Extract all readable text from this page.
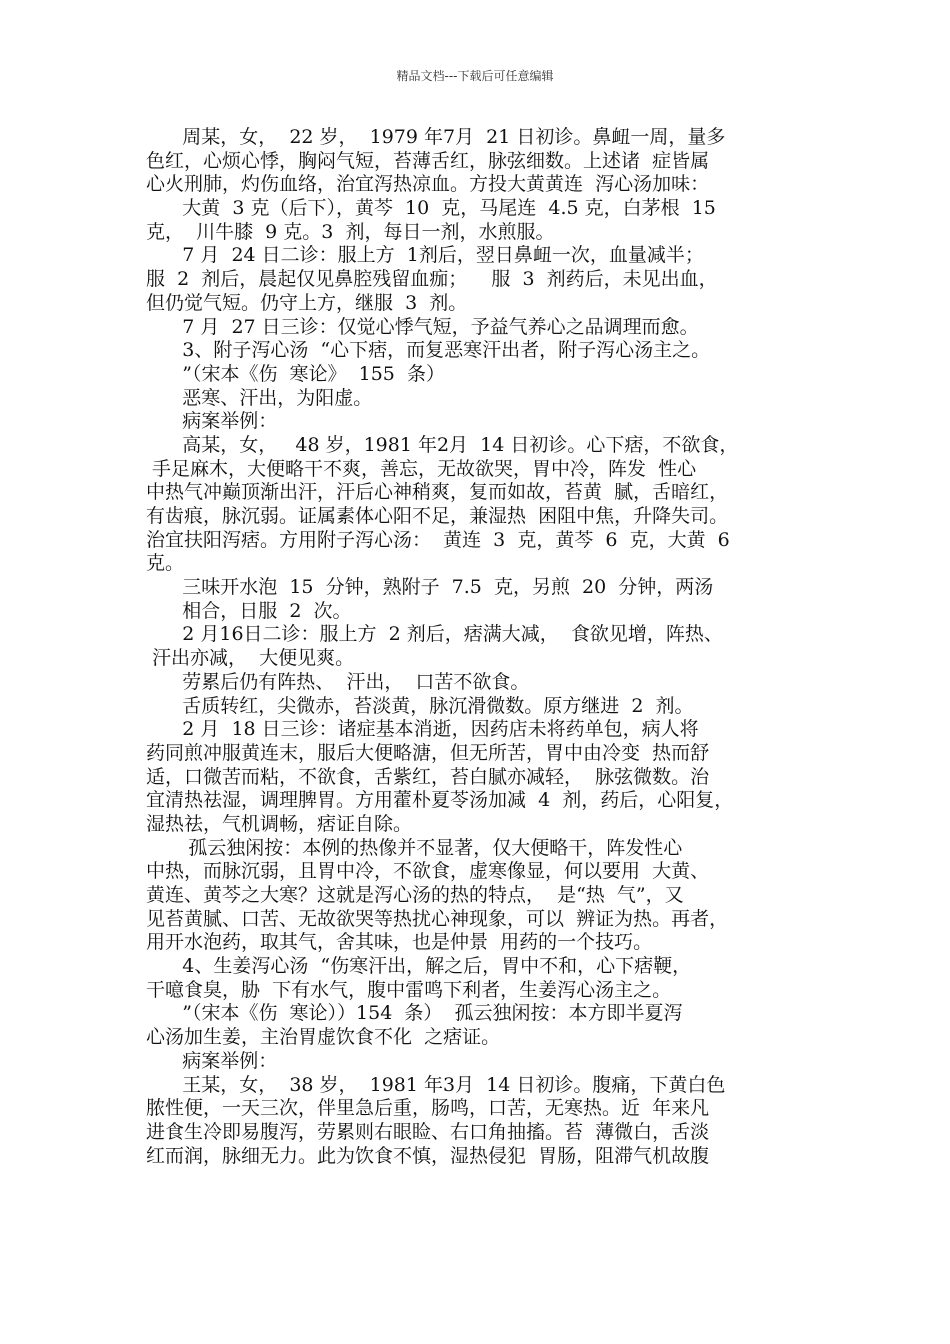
精品文档---下载后可任意编辑
周某，女，  22 岁，  1979 年7月  21 日初诊。鼻衄一周，量多
色红，心烦心悸，胸闷气短，苔薄舌红，脉弦细数。上述诸  症皆属
心火刑肺，灼伤血络，治宜泻热凉血。方投大黄黄连  泻心汤加味：
大黄  3 克（后下），黄芩  10  克，马尾连  4.5 克，白茅根  15
克，  川牛膝  9 克。3  剂，每日一剂，水煎服。
7 月  24 日二诊：服上方  1剂后，翌日鼻衄一次，血量减半；
服  2  剂后，晨起仅见鼻腔残留血痂；    服  3  剂药后，未见出血，
但仍觉气短。仍守上方，继服  3  剂。
7 月  27 日三诊：仅觉心悸气短，予益气养心之品调理而愈。
3、附子泻心汤  “心下痞，而复恶寒汗出者，附子泻心汤主之。
”（宋本《伤  寒论》  155  条）
恶寒、汗出，为阳虚。
病案举例：
高某，女，   48 岁，1981 年2月  14 日初诊。心下痞，不欲食，
手足麻木，大便略干不爽，善忘，无故欲哭，胃中冷，阵发  性心
中热气冲巅顶渐出汗，汗后心神稍爽，复而如故，苔黄  腻，舌暗红，
有齿痕，脉沉弱。证属素体心阳不足，兼湿热  困阻中焦，升降失司。
治宜扶阳泻痞。方用附子泻心汤：  黄连  3  克，黄芩  6  克，大黄  6
克。
三味开水泡  15  分钟，熟附子  7.5  克，另煎  20  分钟，两汤
相合，日服  2  次。
2 月16日二诊：服上方  2 剂后，痞满大减，  食欲见增，阵热、
汗出亦减，  大便见爽。
劳累后仍有阵热、  汗出，  口苦不欲食。
舌质转红，尖微赤，苔淡黄，脉沉滑微数。原方继进  2  剂。
2 月  18 日三诊：诸症基本消逝，因药店未将药单包，病人将
药同煎冲服黄连末，服后大便略溏，但无所苦，胃中由冷变  热而舒
适，口微苦而粘，不欲食，舌紫红，苔白腻亦减轻，  脉弦微数。治
宜清热祛湿，调理脾胃。方用藿朴夏苓汤加减  4  剂，药后，心阳复，
湿热祛，气机调畅，痞证自除。
孤云独闲按：本例的热像并不显著，仅大便略干，阵发性心
中热，而脉沉弱，且胃中冷，不欲食，虚寒像显，何以要用  大黄、
黄连、黄芩之大寒？这就是泻心汤的热的特点，  是“热  气”，又
见苔黄腻、口苦、无故欲哭等热扰心神现象，可以  辨证为热。再者，
用开水泡药，取其气，舍其味，也是仲景  用药的一个技巧。
4、生姜泻心汤  “伤寒汗出，解之后，胃中不和，心下痞鞕，
干噫食臭，胁  下有水气，腹中雷鸣下利者，生姜泻心汤主之。
”（宋本《伤  寒论））154  条）  孤云独闲按：本方即半夏泻
心汤加生姜，主治胃虚饮食不化  之痞证。
病案举例：
王某，女，  38 岁，  1981 年3月  14 日初诊。腹痛，下黄白色
脓性便，一天三次，伴里急后重，肠鸣，口苦，无寒热。近  年来凡
进食生冷即易腹泻，劳累则右眼睑、右口角抽搐。苔  薄微白，舌淡
红而润，脉细无力。此为饮食不慎，湿热侵犯  胃肠，阻滞气机故腹
